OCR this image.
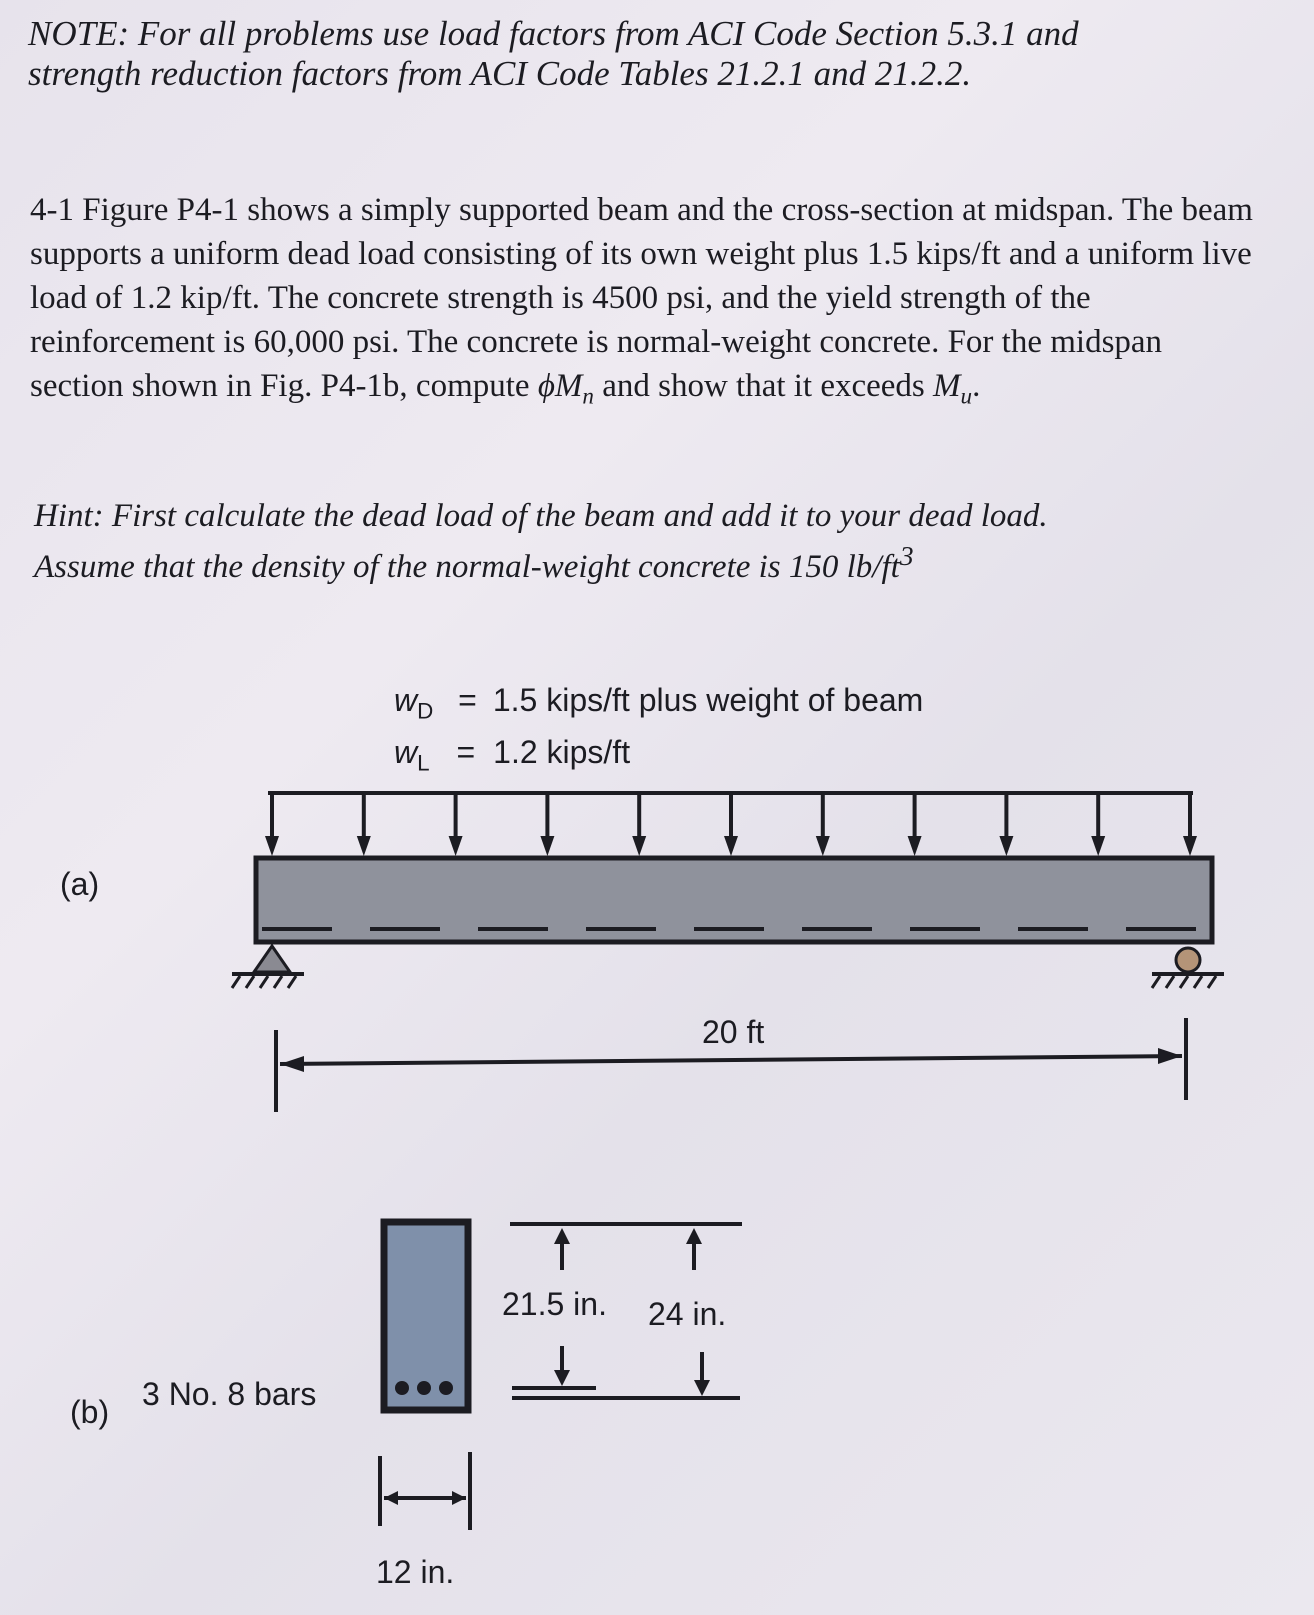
NOTE: For all problems use load factors from ACI Code Section 5.3.1 and
strength reduction factors from ACI Code Tables 21.2.1 and 21.2.2.
4-1 Figure P4-1 shows a simply supported beam and the cross-section at midspan. The beam supports a uniform dead load consisting of its own weight plus 1.5 kips/ft and a uniform live load of 1.2 kip/ft. The concrete strength is 4500 psi, and the yield strength of the reinforcement is 60,000 psi. The concrete is normal-weight concrete. For the midspan section shown in Fig. P4-1b, compute $\phi M_n$ and show that it exceeds $M_u$.
Hint: First calculate the dead load of the beam and add it to your dead load.
Assume that the density of the normal-weight concrete is 150 $lb/ft^3$
$w_D = 1.5$ kips/ft plus weight of beam
$w_L = 1.2$ kips/ft
(a)
20 ft
(b) 3 No. 8 bars
21.5 in. 24 in.
12 in.
